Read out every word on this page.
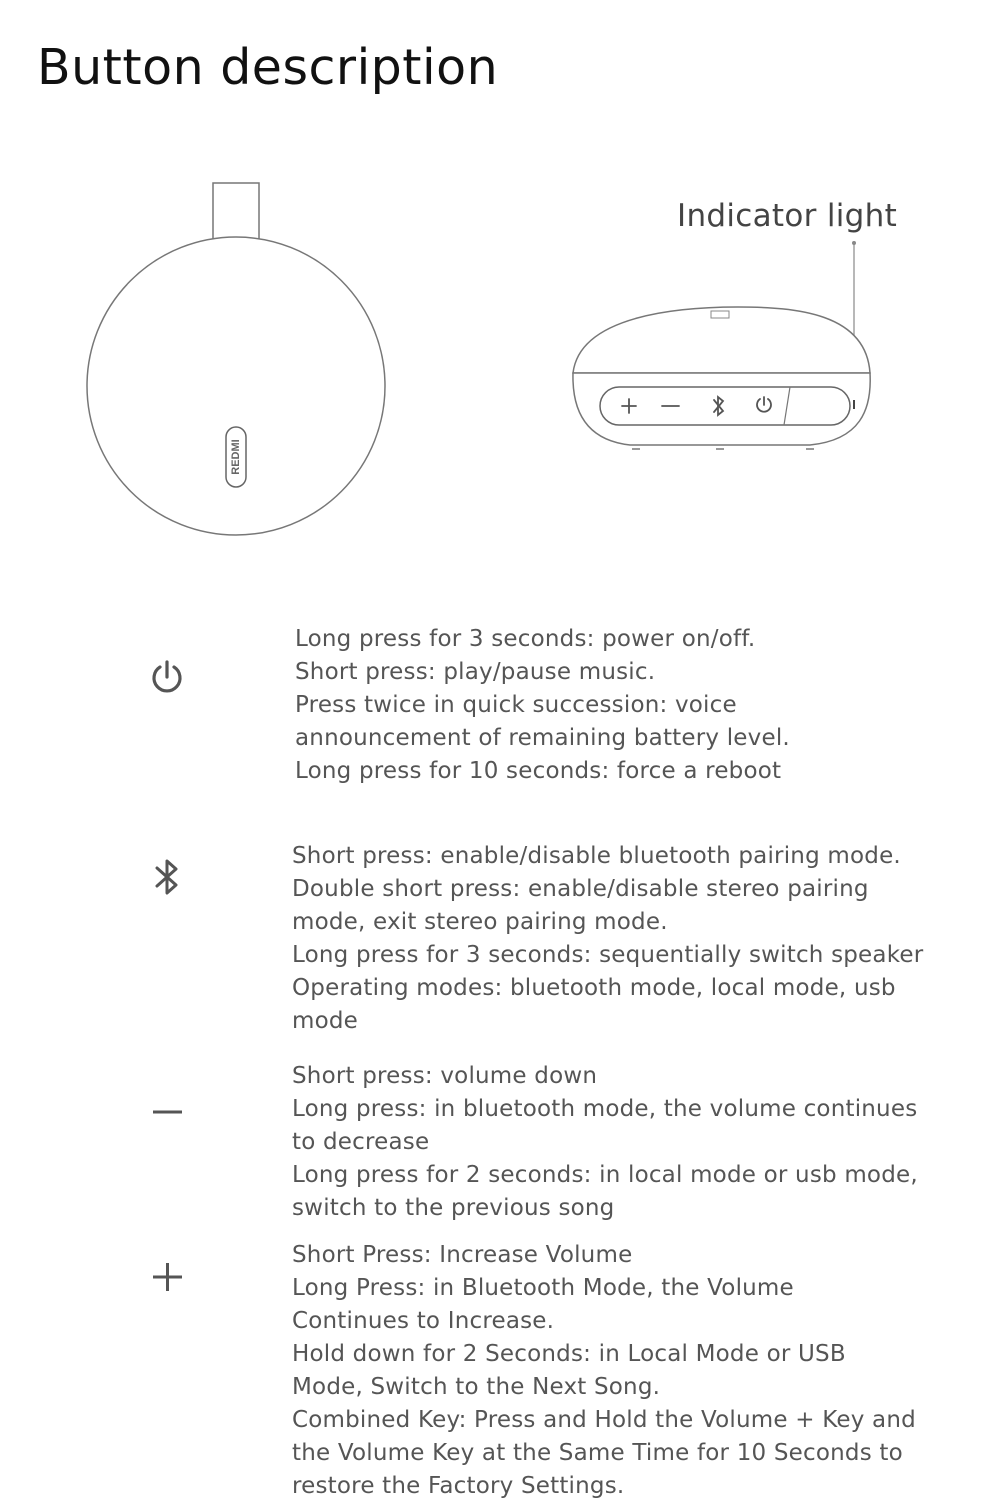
Button description
REDMI
Indicator light

Long press for 3 seconds: power on/off.

Short press: play/pause music.

Press twice in quick succession: voice

announcement of remaining battery level.

Long press for 10 seconds: force a reboot

Short press: enable/disable bluetooth pairing mode.

Double short press: enable/disable stereo pairing

mode, exit stereo pairing mode.

Long press for 3 seconds: sequentially switch speaker

Operating modes: bluetooth mode, local mode, usb

mode

Short press: volume down

Long press: in bluetooth mode, the volume continues

to decrease

Long press for 2 seconds: in local mode or usb mode,

switch to the previous song

Short Press: Increase Volume

Long Press: in Bluetooth Mode, the Volume

Continues to Increase.

Hold down for 2 Seconds: in Local Mode or USB

Mode, Switch to the Next Song.

Combined Key: Press and Hold the Volume + Key and

the Volume Key at the Same Time for 10 Seconds to

restore the Factory Settings.
